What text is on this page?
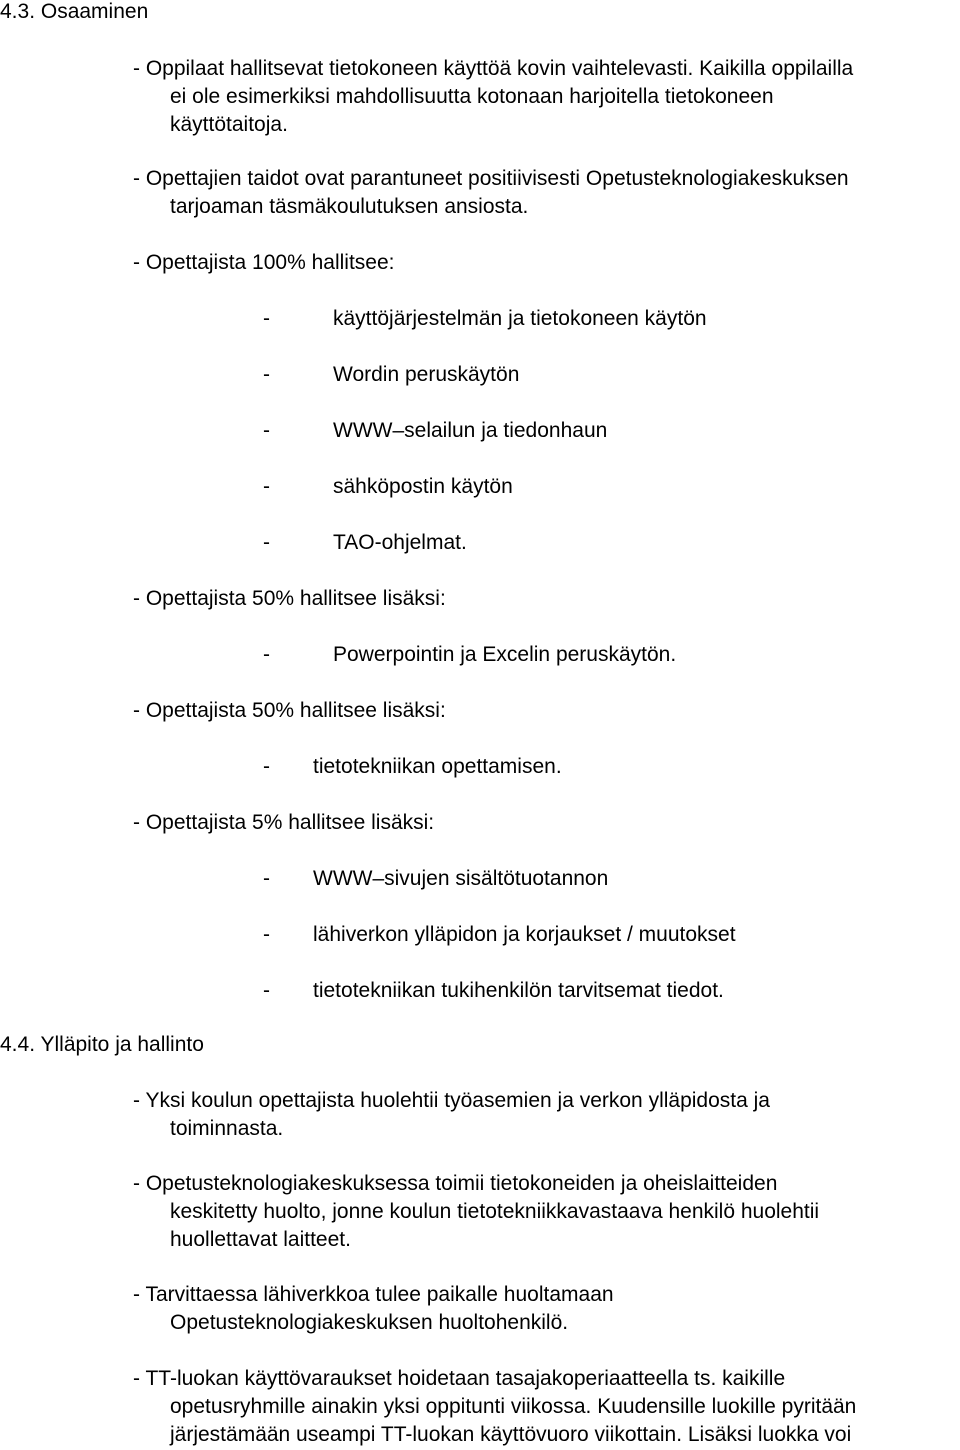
4.3. Osaaminen
- Oppilaat hallitsevat tietokoneen käyttöä kovin vaihtelevasti. Kaikilla oppilailla
ei ole esimerkiksi mahdollisuutta kotonaan harjoitella tietokoneen
käyttötaitoja.
- Opettajien taidot ovat parantuneet positiivisesti Opetusteknologiakeskuksen
tarjoaman täsmäkoulutuksen ansiosta.
- Opettajista 100% hallitsee:
-	käyttöjärjestelmän ja tietokoneen käytön
-	Wordin peruskäytön
-	WWW–selailun ja tiedonhaun
-	sähköpostin käytön
-	TAO-ohjelmat.
- Opettajista 50% hallitsee lisäksi:
-	Powerpointin ja Excelin peruskäytön.
- Opettajista 50% hallitsee lisäksi:
- tietotekniikan opettamisen.
- Opettajista 5% hallitsee lisäksi:
- WWW–sivujen sisältötuotannon
- lähiverkon ylläpidon ja korjaukset / muutokset
- tietotekniikan tukihenkilön tarvitsemat tiedot.
4.4. Ylläpito ja hallinto
- Yksi koulun opettajista huolehtii työasemien ja verkon ylläpidosta ja
toiminnasta.
- Opetusteknologiakeskuksessa toimii tietokoneiden ja oheislaitteiden
keskitetty huolto, jonne koulun tietotekniikkavastaava henkilö huolehtii
huollettavat laitteet.
- Tarvittaessa lähiverkkoa tulee paikalle huoltamaan
Opetusteknologiakeskuksen huoltohenkilö.
- TT-luokan käyttövaraukset hoidetaan tasajakoperiaatteella ts. kaikille
opetusryhmille ainakin yksi oppitunti viikossa. Kuudensille luokille pyritään
järjestämään useampi TT-luokan käyttövuoro viikottain. Lisäksi luokka voi
